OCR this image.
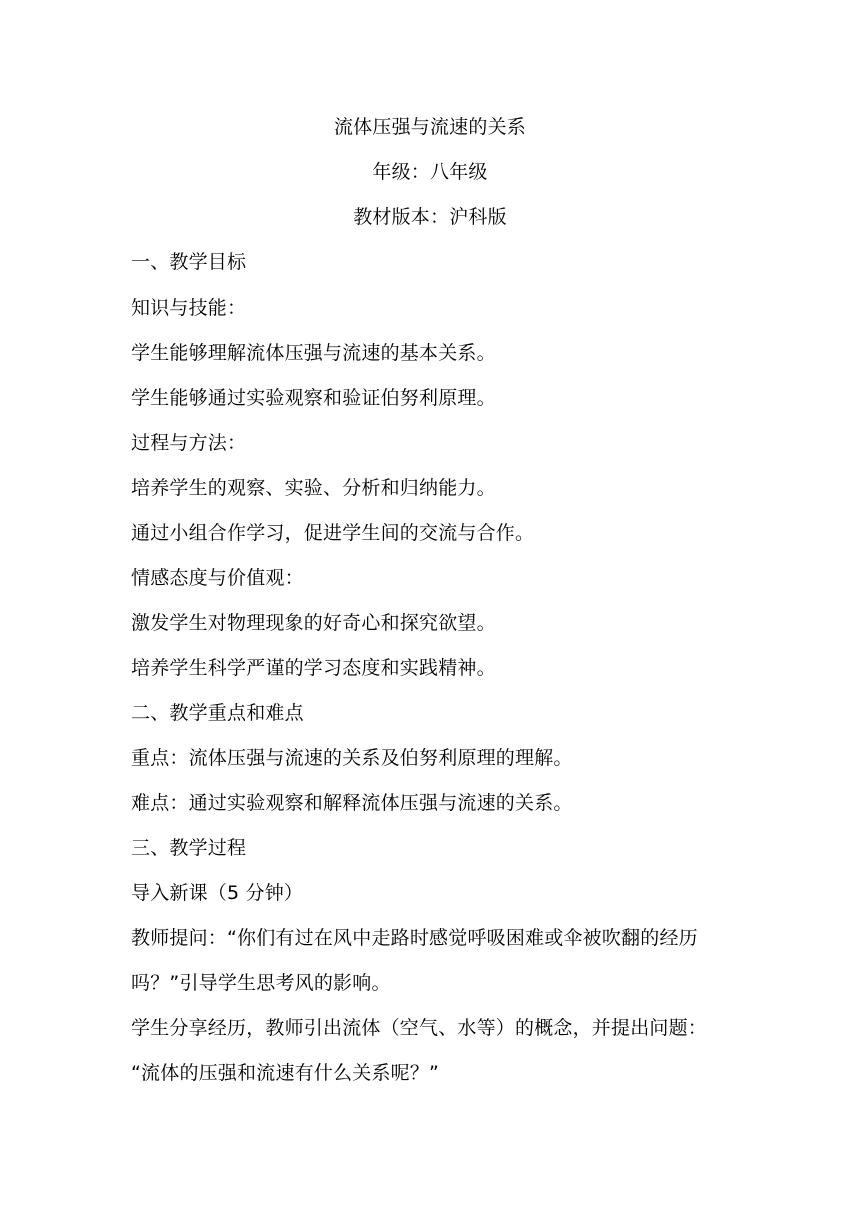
流体压强与流速的关系
年级：八年级
教材版本：沪科版
一、教学目标
知识与技能：
学生能够理解流体压强与流速的基本关系。
学生能够通过实验观察和验证伯努利原理。
过程与方法：
培养学生的观察、实验、分析和归纳能力。
通过小组合作学习，促进学生间的交流与合作。
情感态度与价值观：
激发学生对物理现象的好奇心和探究欲望。
培养学生科学严谨的学习态度和实践精神。
二、教学重点和难点
重点：流体压强与流速的关系及伯努利原理的理解。
难点：通过实验观察和解释流体压强与流速的关系。
三、教学过程
导入新课（5 分钟）
教师提问：“你们有过在风中走路时感觉呼吸困难或伞被吹翻的经历
吗？”引导学生思考风的影响。
学生分享经历，教师引出流体（空气、水等）的概念，并提出问题：
“流体的压强和流速有什么关系呢？”
